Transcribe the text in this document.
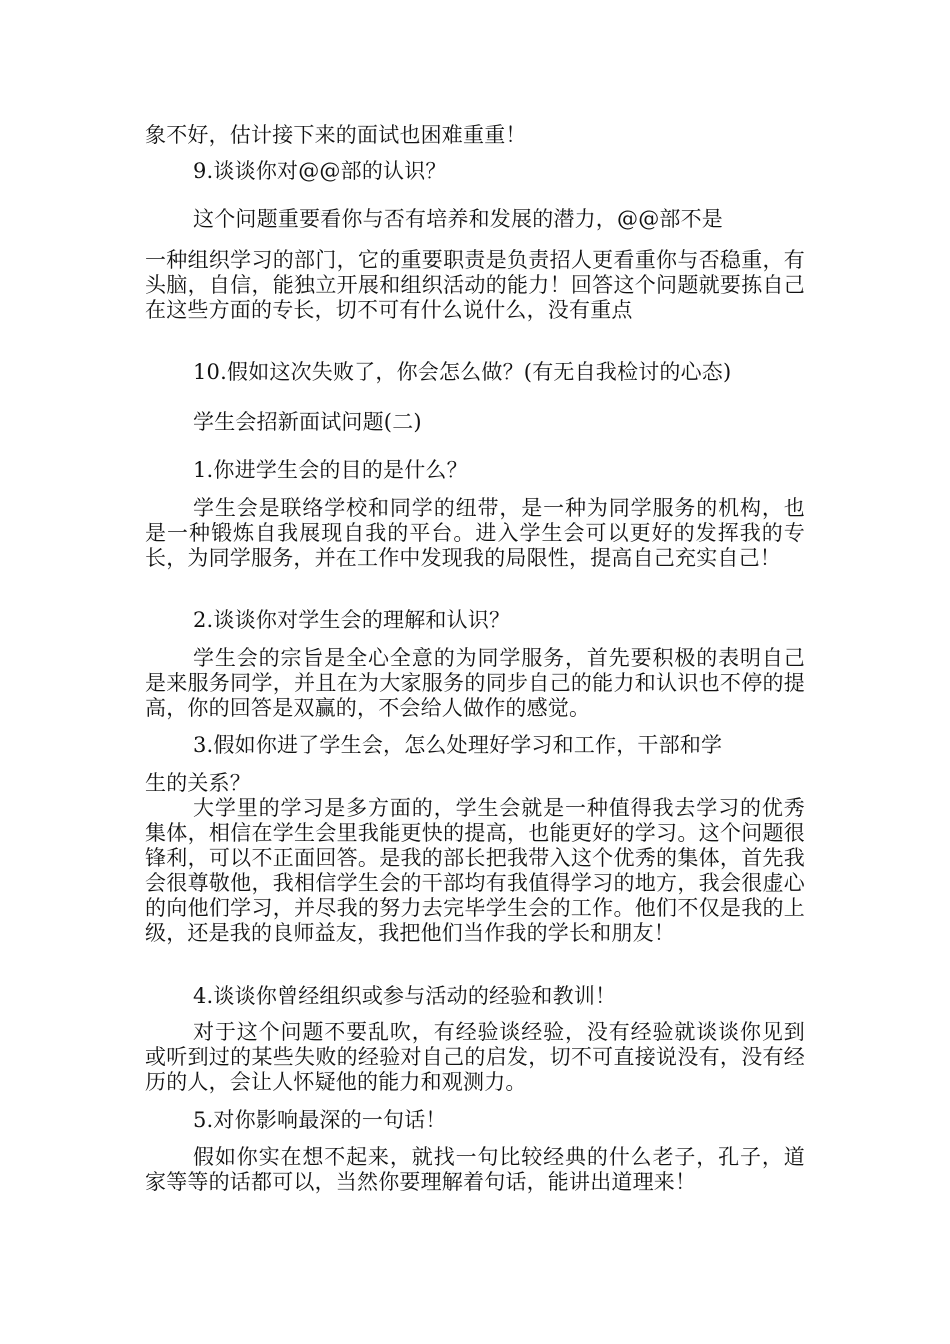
象不好，估计接下来的面试也困难重重！

9.谈谈你对@@部的认识？

这个问题重要看你与否有培养和发展的潜力，@@部不是

一种组织学习的部门，它的重要职责是负责招人更看重你与否稳重，有头脑，自信，能独立开展和组织活动的能力！回答这个问题就要拣自己在这些方面的专长，切不可有什么说什么，没有重点

10.假如这次失败了，你会怎么做？(有无自我检讨的心态)

学生会招新面试问题(二)

1.你进学生会的目的是什么？

学生会是联络学校和同学的纽带，是一种为同学服务的机构，也是一种锻炼自我展现自我的平台。进入学生会可以更好的发挥我的专长，为同学服务，并在工作中发现我的局限性，提高自己充实自己！

2.谈谈你对学生会的理解和认识？

学生会的宗旨是全心全意的为同学服务，首先要积极的表明自己是来服务同学，并且在为大家服务的同步自己的能力和认识也不停的提高，你的回答是双赢的，不会给人做作的感觉。

3.假如你进了学生会，怎么处理好学习和工作，干部和学

生的关系？

大学里的学习是多方面的，学生会就是一种值得我去学习的优秀集体，相信在学生会里我能更快的提高，也能更好的学习。这个问题很锋利，可以不正面回答。是我的部长把我带入这个优秀的集体，首先我会很尊敬他，我相信学生会的干部均有我值得学习的地方，我会很虚心的向他们学习，并尽我的努力去完毕学生会的工作。他们不仅是我的上级，还是我的良师益友，我把他们当作我的学长和朋友！

4.谈谈你曾经组织或参与活动的经验和教训！

对于这个问题不要乱吹，有经验谈经验，没有经验就谈谈你见到或听到过的某些失败的经验对自己的启发，切不可直接说没有，没有经历的人，会让人怀疑他的能力和观测力。

5.对你影响最深的一句话！

假如你实在想不起来，就找一句比较经典的什么老子，孔子，道家等等的话都可以，当然你要理解着句话，能讲出道理来！
